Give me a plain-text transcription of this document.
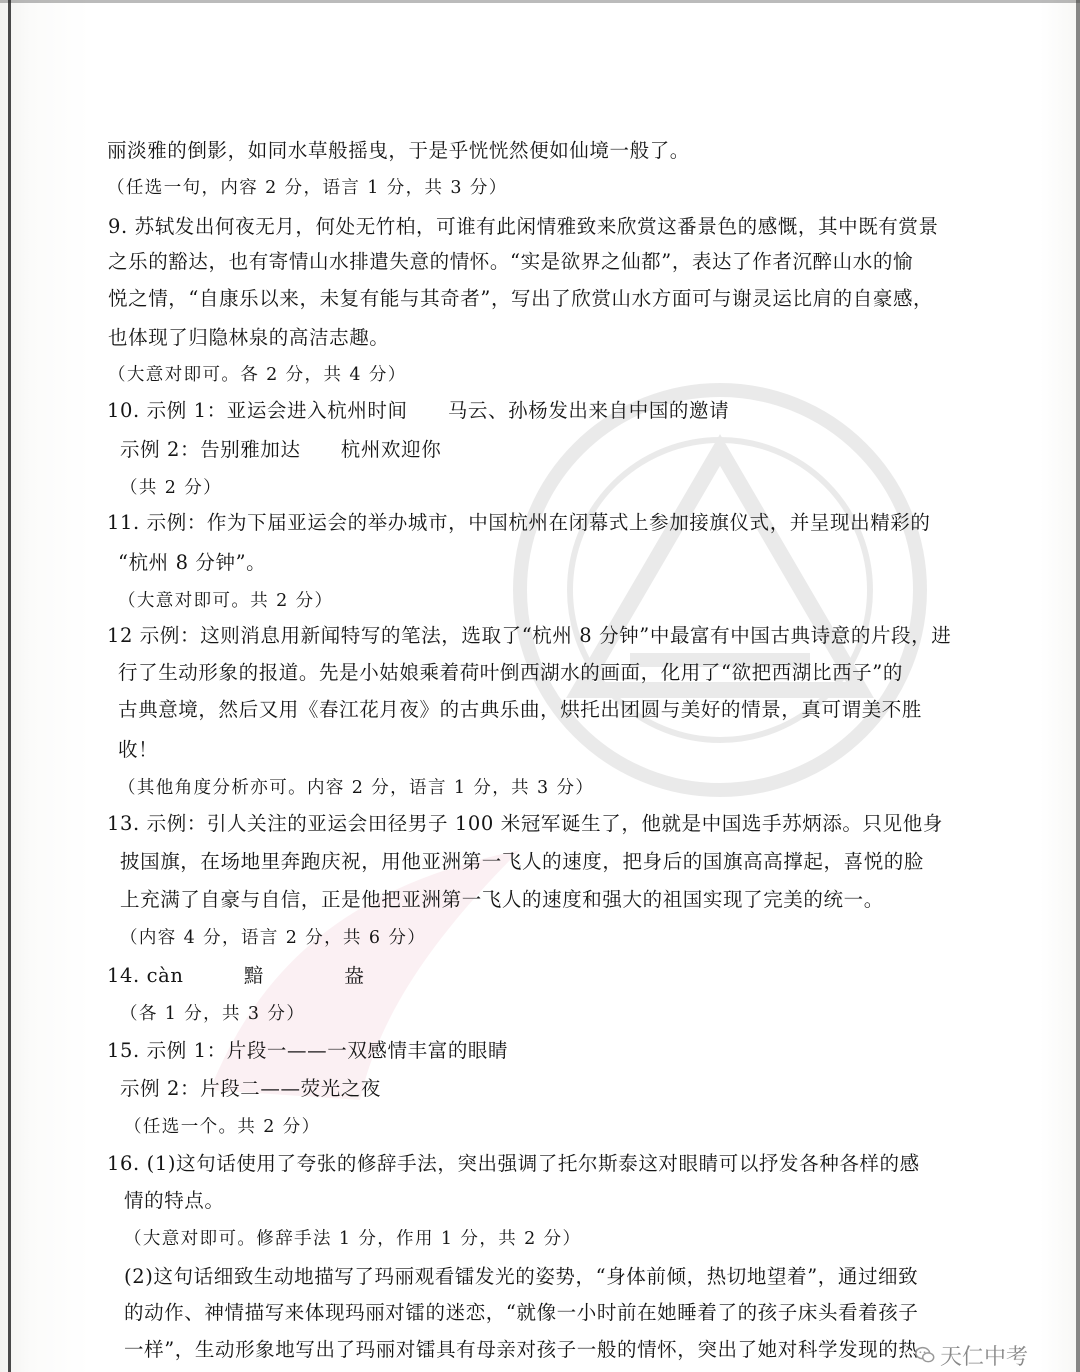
丽淡雅的倒影，如同水草般摇曳，于是乎恍恍然便如仙境一般了。
（任选一句，内容 2 分，语言 1 分，共 3 分）
9. 苏轼发出何夜无月，何处无竹柏，可谁有此闲情雅致来欣赏这番景色的感慨，其中既有赏景
之乐的豁达，也有寄情山水排遣失意的情怀。“实是欲界之仙都”，表达了作者沉醉山水的愉
悦之情，“自康乐以来，未复有能与其奇者”，写出了欣赏山水方面可与谢灵运比肩的自豪感，
也体现了归隐林泉的高洁志趣。
（大意对即可。各 2 分，共 4 分）
10. 示例 1：亚运会进入杭州时间　　马云、孙杨发出来自中国的邀请
示例 2：告别雅加达　　杭州欢迎你
（共 2 分）
11. 示例：作为下届亚运会的举办城市，中国杭州在闭幕式上参加接旗仪式，并呈现出精彩的
“杭州 8 分钟”。
（大意对即可。共 2 分）
12 示例：这则消息用新闻特写的笔法，选取了“杭州 8 分钟”中最富有中国古典诗意的片段，进
行了生动形象的报道。先是小姑娘乘着荷叶倒西湖水的画面，化用了“欲把西湖比西子”的
古典意境，然后又用《春江花月夜》的古典乐曲，烘托出团圆与美好的情景，真可谓美不胜
收！
（其他角度分析亦可。内容 2 分，语言 1 分，共 3 分）
13. 示例：引人关注的亚运会田径男子 100 米冠军诞生了，他就是中国选手苏炳添。只见他身
披国旗，在场地里奔跑庆祝，用他亚洲第一飞人的速度，把身后的国旗高高撑起，喜悦的脸
上充满了自豪与自信，正是他把亚洲第一飞人的速度和强大的祖国实现了完美的统一。
（内容 4 分，语言 2 分，共 6 分）
14. càn　　　黯　　　　盎
（各 1 分，共 3 分）
15. 示例 1：片段一——一双感情丰富的眼睛
示例 2：片段二——荧光之夜
（任选一个。共 2 分）
16. (1)这句话使用了夸张的修辞手法，突出强调了托尔斯泰这对眼睛可以抒发各种各样的感
情的特点。
（大意对即可。修辞手法 1 分，作用 1 分，共 2 分）
(2)这句话细致生动地描写了玛丽观看镭发光的姿势，“身体前倾，热切地望着”，通过细致
的动作、神情描写来体现玛丽对镭的迷恋，“就像一小时前在她睡着了的孩子床头看着孩子
一样”，生动形象地写出了玛丽对镭具有母亲对孩子一般的情怀，突出了她对科学发现的热 天仁中考
